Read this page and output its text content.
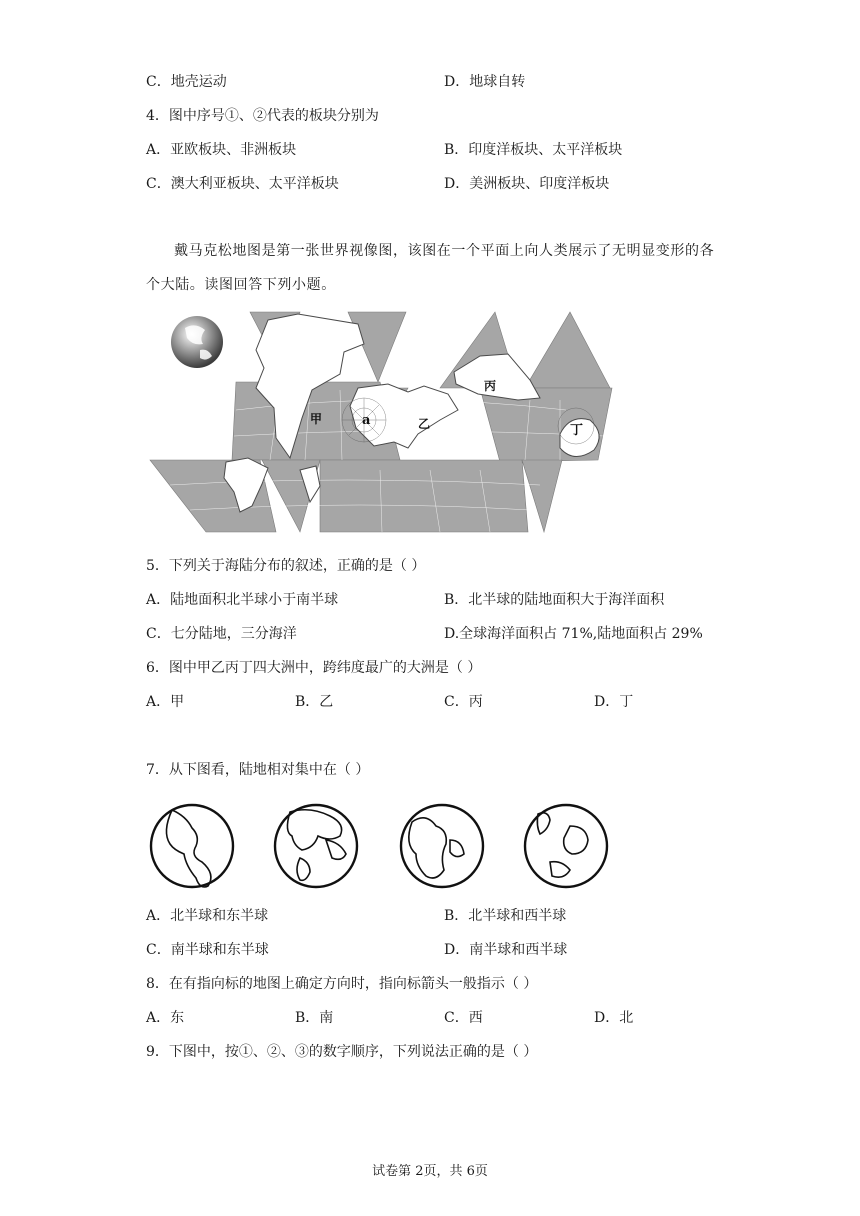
C．地壳运动	D．地球自转
4．图中序号①、②代表的板块分别为
A．亚欧板块、非洲板块	B．印度洋板块、太平洋板块
C．澳大利亚板块、太平洋板块	D．美洲板块、印度洋板块
戴马克松地图是第一张世界视像图，该图在一个平面上向人类展示了无明显变形的各个大陆。读图回答下列小题。
甲	a	乙
丙
丁
5．下列关于海陆分布的叙述，正确的是（ ）
A．陆地面积北半球小于南半球	B．北半球的陆地面积大于海洋面积
C．七分陆地，三分海洋	D.全球海洋面积占 71%,陆地面积占 29%
6．图中甲乙丙丁四大洲中，跨纬度最广的大洲是（ ）
A．甲	B．乙	C．丙	D．丁
7．从下图看，陆地相对集中在（ ）
A．北半球和东半球	B．北半球和西半球
C．南半球和东半球	D．南半球和西半球
8．在有指向标的地图上确定方向时，指向标箭头一般指示（ ）
A．东	B．南	C．西	D．北
9．下图中，按①、②、③的数字顺序，下列说法正确的是（ ）
试卷第 2页，共 6页
